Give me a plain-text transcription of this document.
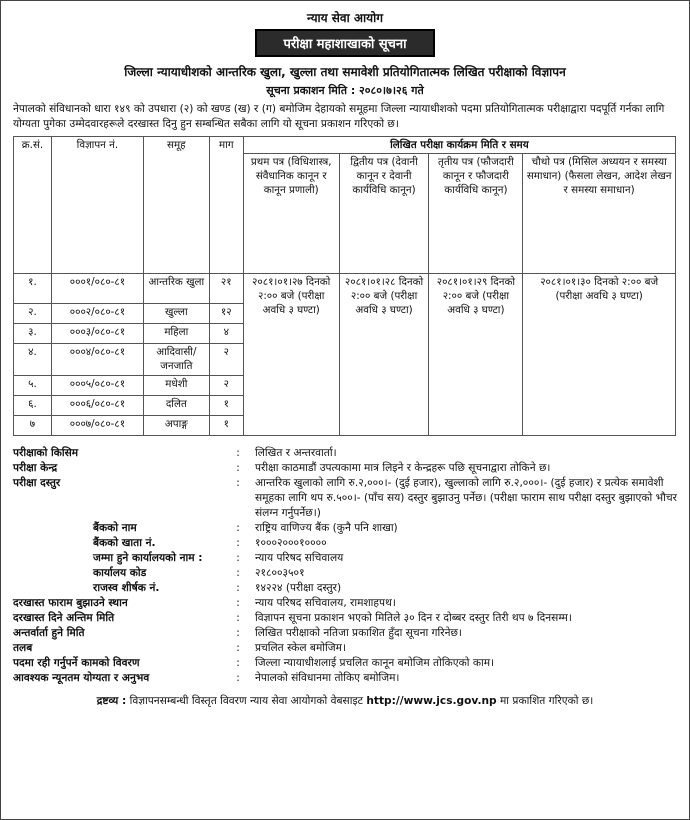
न्याय सेवा आयोग
परीक्षा महाशाखाको सूचना
जिल्ला न्यायाधीशको आन्तरिक खुला, खुल्ला तथा समावेशी प्रतियोगितात्मक लिखित परीक्षाको विज्ञापन
सूचना प्रकाशन मिति : २०८०।७।२६ गते
नेपालको संविधानको धारा १४९ को उपधारा (२) को खण्ड (ख) र (ग) बमोजिम देहायको समूहमा जिल्ला न्यायाधीशको पदमा प्रतियोगितात्मक परीक्षाद्वारा पदपूर्ति गर्नका लागि योग्यता पुगेका उम्मेदवारहरूले दरखास्त दिनु हुन सम्बन्धित सबैका लागि यो सूचना प्रकाशन गरिएको छ।
क्र.सं.	विज्ञापन नं.	समूह	माग	लिखित परीक्षा कार्यक्रम मिति र समय			
				प्रथम पत्र (विधिशास्त्र, संवैधानिक कानून र कानून प्रणाली)	द्वितीय पत्र (देवानी कानून र देवानी कार्यविधि कानून)	तृतीय पत्र (फौजदारी कानून र फौजदारी कार्यविधि कानून)	चौथो पत्र (मिसिल अध्ययन र समस्या समाधान) (फैसला लेखन, आदेश लेखन र समस्या समाधान)
१.	०००१/०८०-८१	आन्तरिक खुला	२१	२०८१।०१।२७ दिनको २:०० बजे (परीक्षा अवधि ३ घण्टा)	२०८१।०१।२८ दिनको २:०० बजे (परीक्षा अवधि ३ घण्टा)	२०८१।०१।२९ दिनको २:०० बजे (परीक्षा अवधि ३ घण्टा)	२०८१।०१।३० दिनको २:०० बजे (परीक्षा अवधि ३ घण्टा)
२.	०००२/०८०-८१	खुल्ला	१२				
३.	०००३/०८०-८१	महिला	४				
४.	०००४/०८०-८१	आदिवासी/ जनजाति	२				
५.	०००५/०८०-८१	मधेशी	२				
६.	०००६/०८०-८१	दलित	१				
७	०००७/०८०-८१	अपाङ्ग	१				
परीक्षाको किसिम	:	लिखित र अन्तरवार्ता।
परीक्षा केन्द्र	:	परीक्षा काठमाडौं उपत्यकामा मात्र लिइने र केन्द्रहरू पछि सूचनाद्वारा तोकिने छ।
परीक्षा दस्तुर	:	आन्तरिक खुलाको लागि रु.२,०००।- (दुई हजार), खुल्लाको लागि रु.२,०००।- (दुई हजार) र प्रत्येक समावेशी समूहका लागि थप रु.५००।- (पाँच सय) दस्तुर बुझाउनु पर्नेछ। (परीक्षा फाराम साथ परीक्षा दस्तुर बुझाएको भौचर संलग्न गर्नुपर्नेछ।)
बैंकको नाम	:	राष्ट्रिय वाणिज्य बैंक (कुनै पनि शाखा)
बैंकको खाता नं.	:	१०००२०००१००००
जम्मा हुने कार्यालयको नाम :	:	न्याय परिषद सचिवालय
कार्यालय कोड	:	२१८००३५०१
राजस्व शीर्षक नं.	:	१४२२४ (परीक्षा दस्तुर)
दरखास्त फाराम बुझाउने स्थान	:	न्याय परिषद सचिवालय, रामशाहपथ।
दरखास्त दिने अन्तिम मिति	:	विज्ञापन सूचना प्रकाशन भएको मितिले ३० दिन र दोब्बर दस्तुर तिरी थप ७ दिनसम्म।
अन्तर्वार्ता हुने मिति	:	लिखित परीक्षाको नतिजा प्रकाशित हुँदा सूचना गरिनेछ।
तलब	:	प्रचलित स्केल बमोजिम।
पदमा रही गर्नुपर्ने कामको विवरण	:	जिल्ला न्यायाधीशलाई प्रचलित कानून बमोजिम तोकिएको काम।
आवश्यक न्यूनतम योग्यता र अनुभव	:	नेपालको संविधानमा तोकिए बमोजिम।
द्रष्टव्य : विज्ञापनसम्बन्धी विस्तृत विवरण न्याय सेवा आयोगको वेबसाइट http://www.jcs.gov.np मा प्रकाशित गरिएको छ।
